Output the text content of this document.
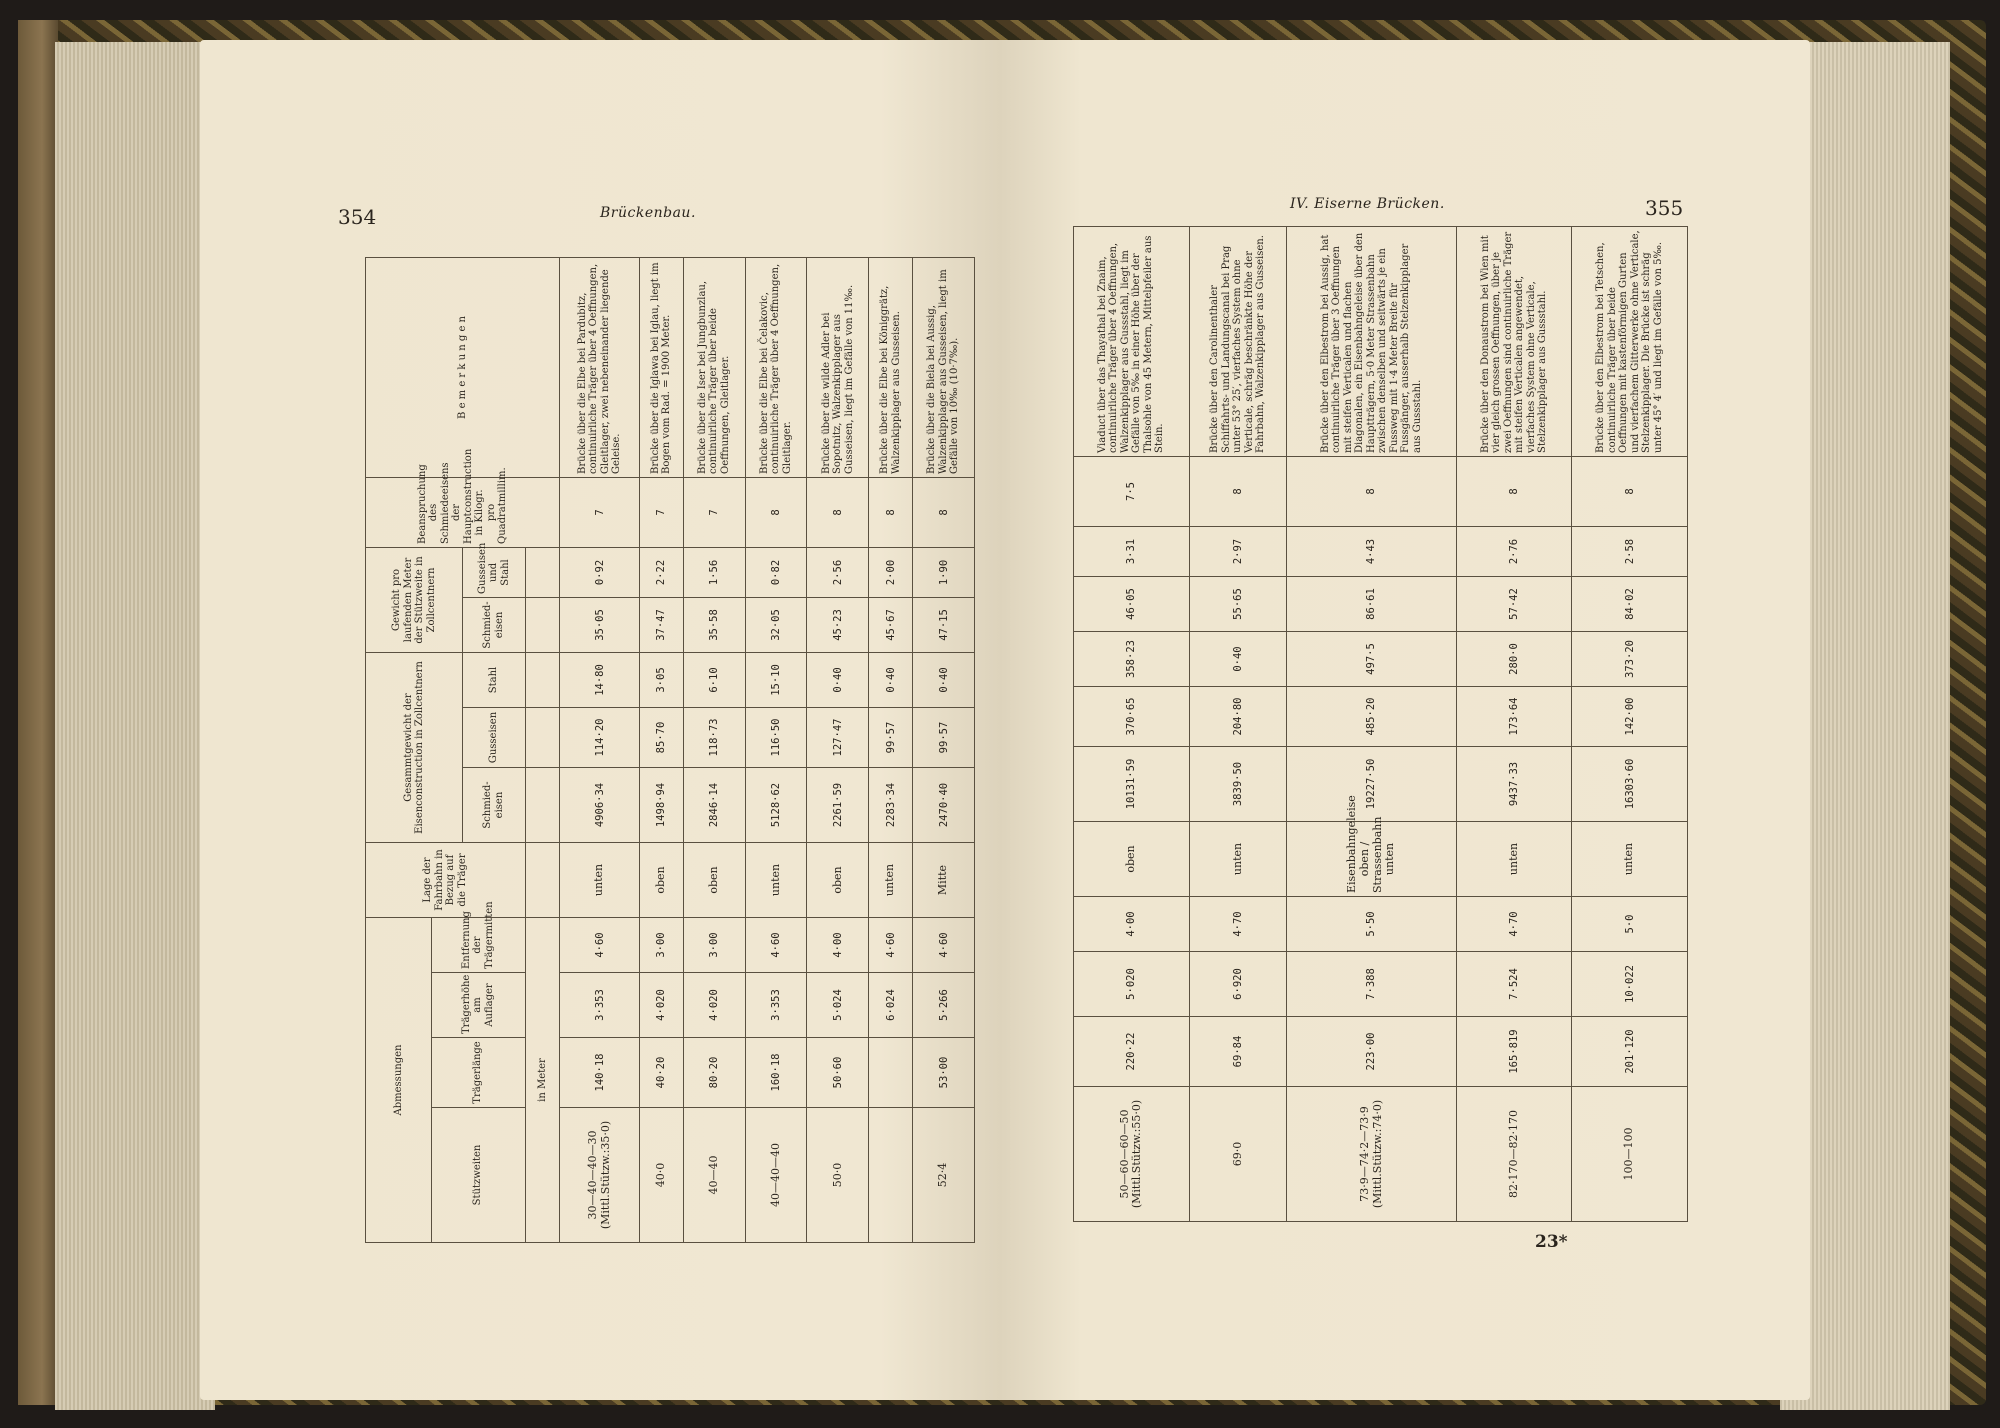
354	Brückenbau.
Abmessungen				Lage der Fahrbahn in Bezug auf die Träger	Gesammtgewicht der Eisenconstruction in Zollcentnern			Gewicht pro laufenden Meter der Stützweite in Zollcentnern		Beanspruchung des Schmiedeeisens der Hauptconstruction in Kilogr. pro Quadratmillim.	B e m e r k u n g e n
Stützweiten	Trägerlänge	Trägerhöhe am Auflager	Entfernung der Trägermitten								
					Schmied-eisen	Gusseisen	Stahl	Schmied-eisen	Gusseisen und Stahl		
in Meter											
30—40—40—30 (Mittl.Stützw.:35·0)	140·18	3·353	4·60	unten	4906·34	114·20	14·80	35·05	0·92	7	Brücke über die Elbe bei Pardubitz, continuirliche Träger über 4 Oeffnungen, Gleitlager, zwei nebeneinander liegende Geleise.
40·0	40·20	4·020	3·00	oben	1498·94	85·70	3·05	37·47	2·22	7	Brücke über die Iglawa bei Iglau, liegt im Bogen vom Rad. = 1900 Meter.
40—40	80·20	4·020	3·00	oben	2846·14	118·73	6·10	35·58	1·56	7	Brücke über die Iser bei Jungbunzlau, continuirliche Träger über beide Oeffnungen, Gleitlager.
40—40—40	160·18	3·353	4·60	unten	5128·62	116·50	15·10	32·05	0·82	8	Brücke über die Elbe bei Čelakovic, continuirliche Träger über 4 Oeffnungen, Gleitlager.
50·0	50·60	5·024	4·00	oben	2261·59	127·47	0·40	45·23	2·56	8	Brücke über die wilde Adler bei Sopotnitz, Walzenkipplager aus Gusseisen, liegt im Gefälle von 11‰.
		6·024	4·60	unten	2283·34	99·57	0·40	45·67	2·00	8	Brücke über die Elbe bei Königgrätz, Walzenkipplager aus Gusseisen.
52·4	53·00	5·266	4·60	Mitte	2470·40	99·57	0·40	47·15	1·90	8	Brücke über die Biela bei Aussig, Walzenkipplager aus Gusseisen, liegt im Gefälle von 10‰ (10·7‰).
IV. Eiserne Brücken.	355
23*
50—60—60—50 (Mittl.Stützw.:55·0)	220·22	5·020	4·00	oben	10131·59	370·65	358·23	46·05	3·31	7·5	Viaduct über das Thayathal bei Znaim, continuirliche Träger über 4 Oeffnungen, Walzenkipplager aus Gussstahl, liegt im Gefälle von 5‰ in einer Höhe über der Thalsohle von 45 Metern, Mittelpfeiler aus Stein.
69·0	69·84	6·920	4·70	unten	3839·50	204·80	0·40	55·65	2·97	8	Brücke über den Carolinenthaler Schiffahrts- und Landungscanal bei Prag unter 53° 25′, vierfaches System ohne Verticale, schräg beschränkte Höhe der Fahrbahn, Walzenkipplager aus Gusseisen.
73·9—74·2—73·9 (Mittl.Stützw.:74·0)	223·00	7·388	5·50	Eisenbahngeleise oben / Strassenbahn unten	19227·50	485·20	497·5	86·61	4·43	8	Brücke über den Elbestrom bei Aussig, hat continuirliche Träger über 3 Oeffnungen mit steifen Verticalen und flachen Diagonalen, ein Eisenbahngeleise über den Hauptträgern, 5·0 Meter Strassenbahn zwischen denselben und seitwärts je ein Fussweg mit 1·4 Meter Breite für Fussgänger, ausserhalb Stelzenkipplager aus Gussstahl.
82·170—82·170	165·819	7·524	4·70	unten	9437·33	173·64	280·0	57·42	2·76	8	Brücke über den Donaustrom bei Wien mit vier gleich grossen Oeffnungen, über je zwei Oeffnungen sind continuirliche Träger mit steifen Verticalen angewendet, vierfaches System ohne Verticale, Stelzenkipplager aus Gussstahl.
100—100	201·120	10·022	5·0	unten	16303·60	142·00	373·20	84·02	2·58	8	Brücke über den Elbestrom bei Tetschen, continuirliche Träger über beide Oeffnungen mit kastenförmigen Gurten und vierfachem Gitterwerke ohne Verticale, Stelzenkipplager. Die Brücke ist schräg unter 45° 4′ und liegt im Gefälle von 5‰.
